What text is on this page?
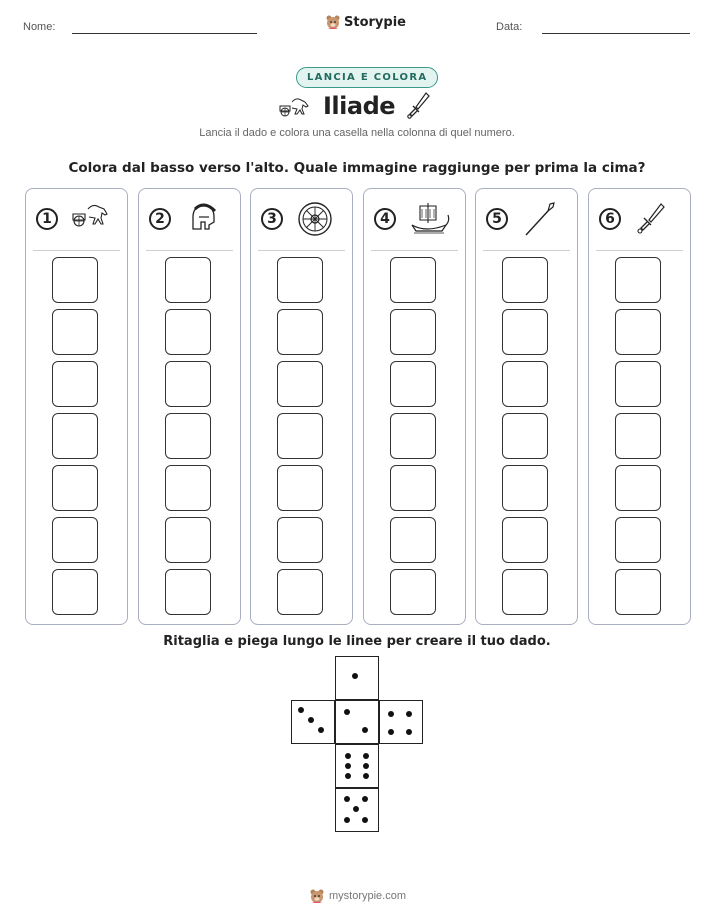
Nome:	Storypie	Data:
LANCIA E COLORA
Iliade
Lancia il dado e colora una casella nella colonna di quel numero.
Colora dal basso verso l'alto. Quale immagine raggiunge per prima la cima?
1	2	3	4	5	6
Ritaglia e piega lungo le linee per creare il tuo dado.
mystorypie.com
